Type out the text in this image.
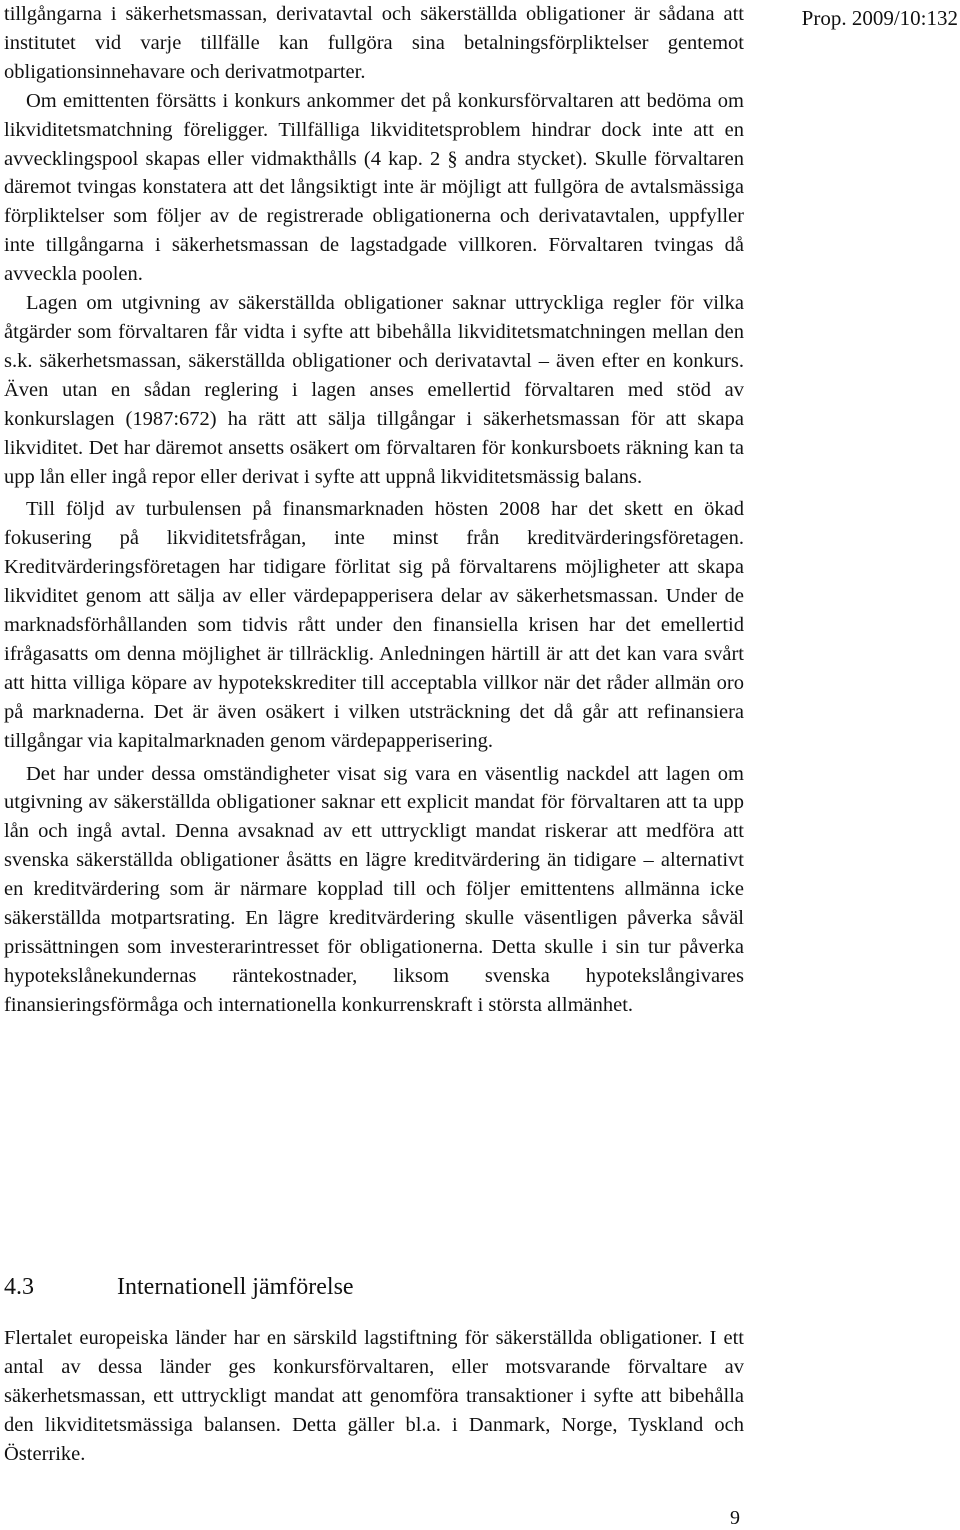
Prop. 2009/10:132

tillgångarna i säkerhetsmassan, derivatavtal och säkerställda obligationer är sådana att institutet vid varje tillfälle kan fullgöra sina betalningsförpliktelser gentemot obligationsinnehavare och derivatmotparter.

Om emittenten försätts i konkurs ankommer det på konkursförvaltaren att bedöma om likviditetsmatchning föreligger. Tillfälliga likviditetsproblem hindrar dock inte att en avvecklingspool skapas eller vidmakthålls (4 kap. 2 § andra stycket). Skulle förvaltaren däremot tvingas konstatera att det långsiktigt inte är möjligt att fullgöra de avtalsmässiga förpliktelser som följer av de registrerade obligationerna och derivatavtalen, uppfyller inte tillgångarna i säkerhetsmassan de lagstadgade villkoren. Förvaltaren tvingas då avveckla poolen.

Lagen om utgivning av säkerställda obligationer saknar uttryckliga regler för vilka åtgärder som förvaltaren får vidta i syfte att bibehålla likviditetsmatchningen mellan den s.k. säkerhetsmassan, säkerställda obligationer och derivatavtal – även efter en konkurs. Även utan en sådan reglering i lagen anses emellertid förvaltaren med stöd av konkurslagen (1987:672) ha rätt att sälja tillgångar i säkerhetsmassan för att skapa likviditet. Det har däremot ansetts osäkert om förvaltaren för konkursboets räkning kan ta upp lån eller ingå repor eller derivat i syfte att uppnå likviditetsmässig balans.

Till följd av turbulensen på finansmarknaden hösten 2008 har det skett en ökad fokusering på likviditetsfrågan, inte minst från kreditvärderingsföretagen. Kreditvärderingsföretagen har tidigare förlitat sig på förvaltarens möjligheter att skapa likviditet genom att sälja av eller värdepapperisera delar av säkerhetsmassan. Under de marknadsförhållanden som tidvis rått under den finansiella krisen har det emellertid ifrågasatts om denna möjlighet är tillräcklig. Anledningen härtill är att det kan vara svårt att hitta villiga köpare av hypotekskrediter till acceptabla villkor när det råder allmän oro på marknaderna. Det är även osäkert i vilken utsträckning det då går att refinansiera tillgångar via kapitalmarknaden genom värdepapperisering.

Det har under dessa omständigheter visat sig vara en väsentlig nackdel att lagen om utgivning av säkerställda obligationer saknar ett explicit mandat för förvaltaren att ta upp lån och ingå avtal. Denna avsaknad av ett uttryckligt mandat riskerar att medföra att svenska säkerställda obligationer åsätts en lägre kreditvärdering än tidigare – alternativt en kreditvärdering som är närmare kopplad till och följer emittentens allmänna icke säkerställda motpartsrating. En lägre kreditvärdering skulle väsentligen påverka såväl prissättningen som investerarintresset för obligationerna. Detta skulle i sin tur påverka hypotekslånekundernas räntekostnader, liksom svenska hypotekslångivares finansieringsförmåga och internationella konkurrenskraft i största allmänhet.

4.3	Internationell jämförelse

Flertalet europeiska länder har en särskild lagstiftning för säkerställda obligationer. I ett antal av dessa länder ges konkursförvaltaren, eller motsvarande förvaltare av säkerhetsmassan, ett uttryckligt mandat att genomföra transaktioner i syfte att bibehålla den likviditetsmässiga balansen. Detta gäller bl.a. i Danmark, Norge, Tyskland och Österrike.

9
